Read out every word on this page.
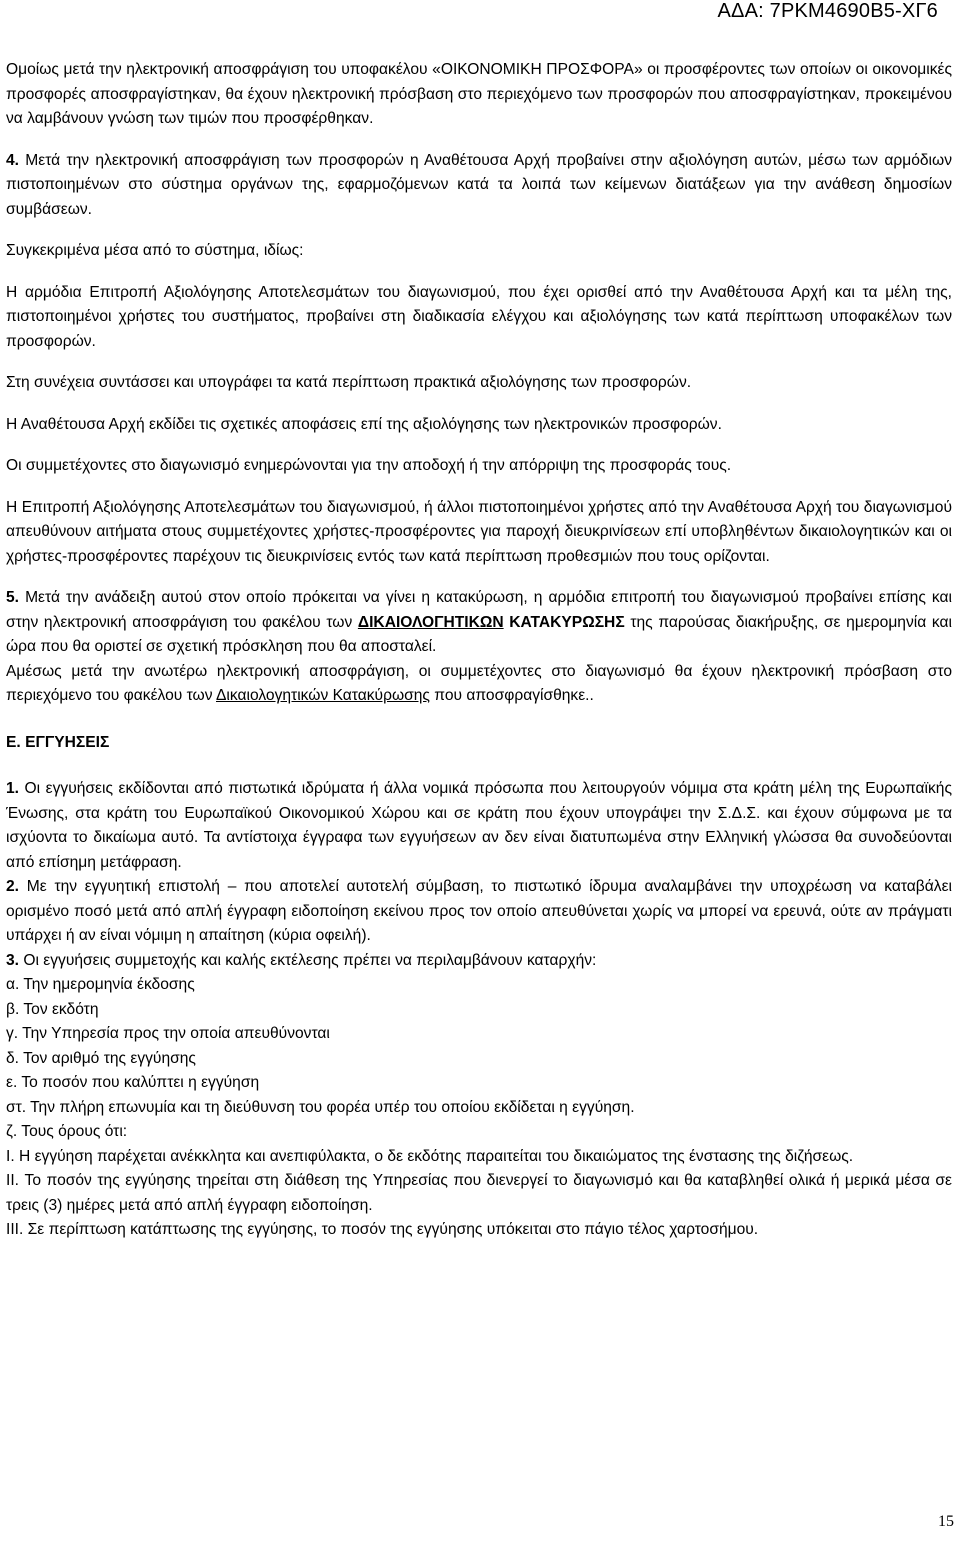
ΑΔΑ: 7ΡΚΜ4690Β5-ΧΓ6

Ομοίως μετά την ηλεκτρονική αποσφράγιση του υποφακέλου «ΟΙΚΟΝΟΜΙΚΗ ΠΡΟΣΦΟΡΑ» οι προσφέροντες των οποίων οι οικονομικές προσφορές αποσφραγίστηκαν, θα έχουν ηλεκτρονική πρόσβαση στο περιεχόμενο των προσφορών που αποσφραγίστηκαν, προκειμένου να λαμβάνουν γνώση των τιμών που προσφέρθηκαν.

4. Μετά την ηλεκτρονική αποσφράγιση των προσφορών η Αναθέτουσα Αρχή προβαίνει στην αξιολόγηση αυτών, μέσω των αρμόδιων πιστοποιημένων στο σύστημα οργάνων της, εφαρμοζόμενων κατά τα λοιπά των κείμενων διατάξεων για την ανάθεση δημοσίων συμβάσεων.

Συγκεκριμένα μέσα από το σύστημα, ιδίως:

Η αρμόδια Επιτροπή Αξιολόγησης Αποτελεσμάτων του διαγωνισμού, που έχει ορισθεί από την Αναθέτουσα Αρχή και τα μέλη της, πιστοποιημένοι χρήστες του συστήματος, προβαίνει στη διαδικασία ελέγχου και αξιολόγησης των κατά περίπτωση υποφακέλων των προσφορών.

Στη συνέχεια συντάσσει και υπογράφει τα κατά περίπτωση πρακτικά αξιολόγησης των προσφορών.

Η Αναθέτουσα Αρχή εκδίδει τις σχετικές αποφάσεις επί της αξιολόγησης των ηλεκτρονικών προσφορών.

Οι συμμετέχοντες στο διαγωνισμό ενημερώνονται για την αποδοχή ή την απόρριψη της προσφοράς τους.

Η Επιτροπή Αξιολόγησης Αποτελεσμάτων του διαγωνισμού, ή άλλοι πιστοποιημένοι χρήστες από την Αναθέτουσα Αρχή του διαγωνισμού απευθύνουν αιτήματα στους συμμετέχοντες χρήστες-προσφέροντες για παροχή διευκρινίσεων επί υποβληθέντων δικαιολογητικών και οι χρήστες-προσφέροντες παρέχουν τις διευκρινίσεις εντός των κατά περίπτωση προθεσμιών που τους ορίζονται.

5. Μετά την ανάδειξη αυτού στον οποίο πρόκειται να γίνει η κατακύρωση, η αρμόδια επιτροπή του διαγωνισμού προβαίνει επίσης και στην ηλεκτρονική αποσφράγιση του φακέλου των ΔΙΚΑΙΟΛΟΓΗΤΙΚΩΝ ΚΑΤΑΚΥΡΩΣΗΣ της παρούσας διακήρυξης, σε ημερομηνία και ώρα που θα οριστεί σε σχετική πρόσκληση που θα αποσταλεί.

Αμέσως μετά την ανωτέρω ηλεκτρονική αποσφράγιση, οι συμμετέχοντες στο διαγωνισμό θα έχουν ηλεκτρονική πρόσβαση στο περιεχόμενο του φακέλου των Δικαιολογητικών Κατακύρωσης που αποσφραγίσθηκε..

Ε. ΕΓΓΥΗΣΕΙΣ

1. Οι εγγυήσεις εκδίδονται από πιστωτικά ιδρύματα ή άλλα νομικά πρόσωπα που λειτουργούν νόμιμα στα κράτη μέλη της Ευρωπαϊκής Ένωσης, στα κράτη του Ευρωπαϊκού Οικονομικού Χώρου και σε κράτη που έχουν υπογράψει την Σ.Δ.Σ. και έχουν σύμφωνα με τα ισχύοντα το δικαίωμα αυτό. Τα αντίστοιχα έγγραφα των εγγυήσεων αν δεν είναι διατυπωμένα στην Ελληνική γλώσσα θα συνοδεύονται από επίσημη μετάφραση.

2. Με την εγγυητική επιστολή – που αποτελεί αυτοτελή σύμβαση, το πιστωτικό ίδρυμα αναλαμβάνει την υποχρέωση να καταβάλει ορισμένο ποσό μετά από απλή έγγραφη ειδοποίηση εκείνου προς τον οποίο απευθύνεται χωρίς να μπορεί να ερευνά, ούτε αν πράγματι υπάρχει ή αν είναι νόμιμη η απαίτηση (κύρια οφειλή).

3. Οι εγγυήσεις συμμετοχής και καλής εκτέλεσης πρέπει να περιλαμβάνουν καταρχήν:

α. Την ημερομηνία έκδοσης

β. Τον εκδότη

γ. Την Υπηρεσία προς την οποία απευθύνονται

δ. Τον αριθμό της εγγύησης

ε. Το ποσόν που καλύπτει η εγγύηση

στ. Την πλήρη επωνυμία και τη διεύθυνση του φορέα υπέρ του οποίου εκδίδεται η εγγύηση.

ζ. Τους όρους ότι:

I. Η εγγύηση παρέχεται ανέκκλητα και ανεπιφύλακτα, ο δε εκδότης παραιτείται του δικαιώματος της ένστασης της διζήσεως.

II. Το ποσόν της εγγύησης τηρείται στη διάθεση της Υπηρεσίας που διενεργεί το διαγωνισμό και θα καταβληθεί ολικά ή μερικά μέσα σε τρεις (3) ημέρες μετά από απλή έγγραφη ειδοποίηση.

III. Σε περίπτωση κατάπτωσης της εγγύησης, το ποσόν της εγγύησης υπόκειται στο πάγιο τέλος χαρτοσήμου.

15
